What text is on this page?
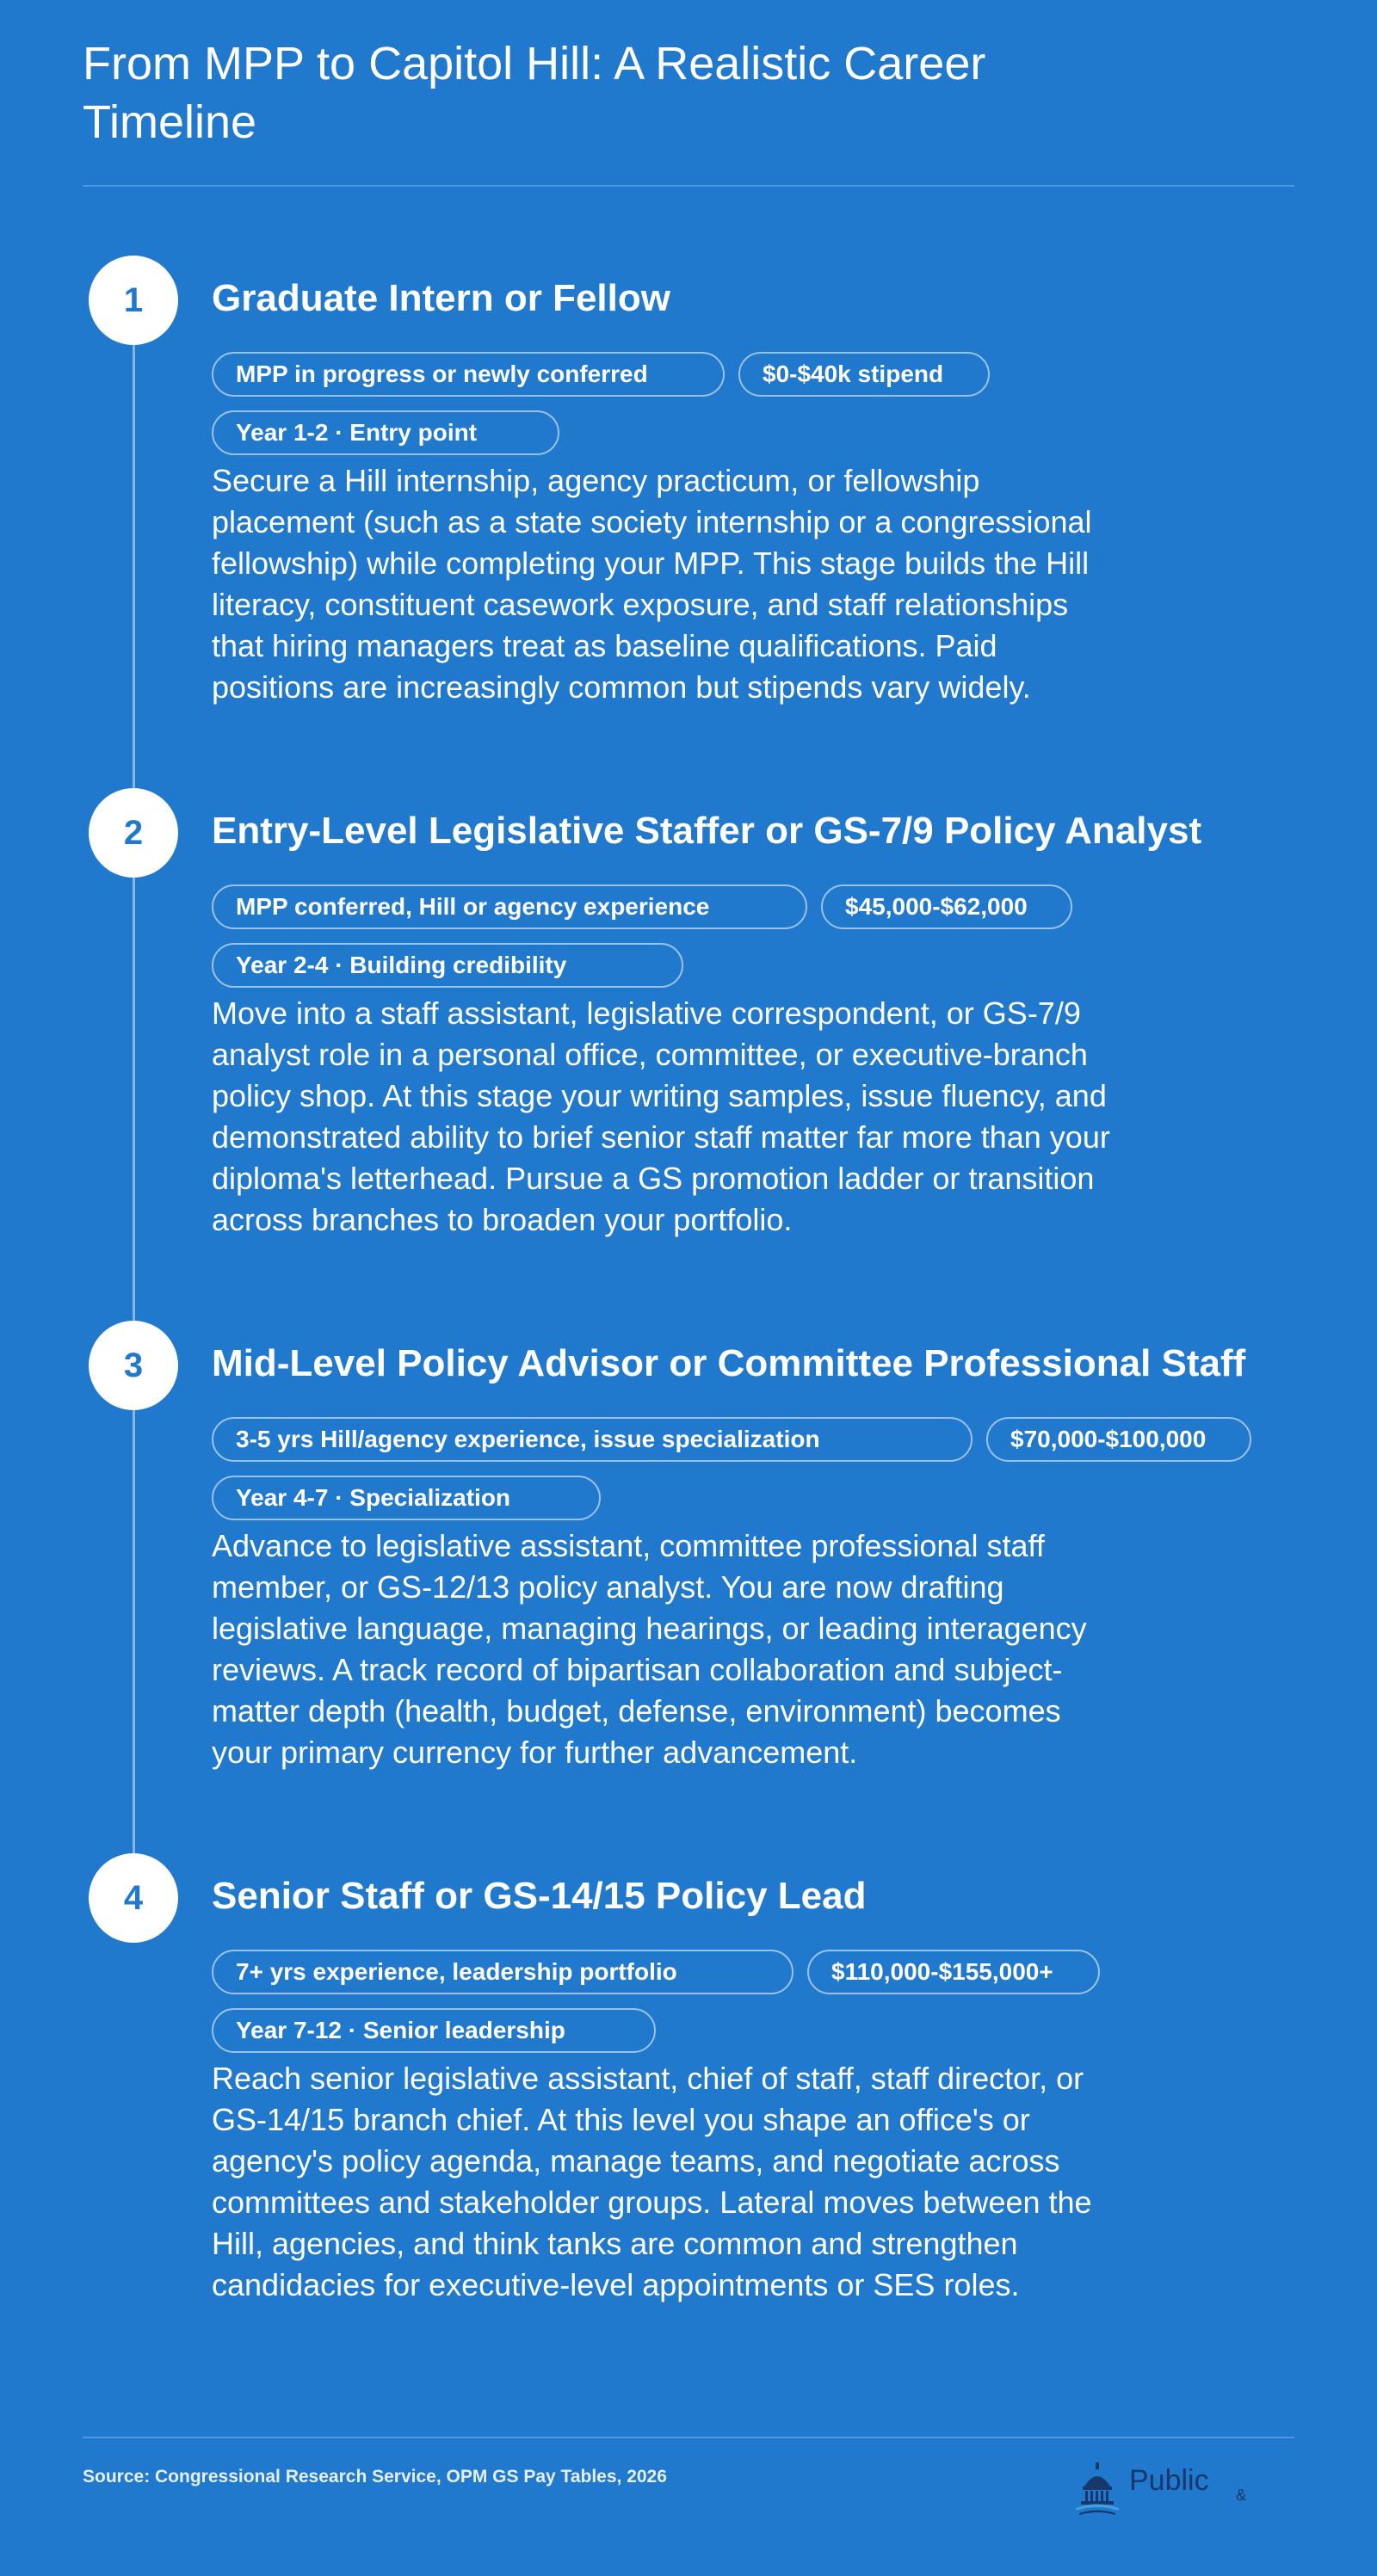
From MPP to Capitol Hill: A Realistic Career Timeline
1	Graduate Intern or Fellow
MPP in progress or newly conferred	$0-$40k stipend
Year 1-2 · Entry point

Secure a Hill internship, agency practicum, or fellowship placement (such as a state society internship or a congressional fellowship) while completing your MPP. This stage builds the Hill literacy, constituent casework exposure, and staff relationships that hiring managers treat as baseline qualifications. Paid positions are increasingly common but stipends vary widely.

2	Entry-Level Legislative Staffer or GS-7/9 Policy Analyst
MPP conferred, Hill or agency experience	$45,000-$62,000
Year 2-4 · Building credibility

Move into a staff assistant, legislative correspondent, or GS-7/9 analyst role in a personal office, committee, or executive-branch policy shop. At this stage your writing samples, issue fluency, and demonstrated ability to brief senior staff matter far more than your diploma's letterhead. Pursue a GS promotion ladder or transition across branches to broaden your portfolio.

3	Mid-Level Policy Advisor or Committee Professional Staff
3-5 yrs Hill/agency experience, issue specialization	$70,000-$100,000
Year 4-7 · Specialization

Advance to legislative assistant, committee professional staff member, or GS-12/13 policy analyst. You are now drafting legislative language, managing hearings, or leading interagency reviews. A track record of bipartisan collaboration and subject-matter depth (health, budget, defense, environment) becomes your primary currency for further advancement.

4	Senior Staff or GS-14/15 Policy Lead
7+ yrs experience, leadership portfolio	$110,000-$155,000+
Year 7-12 · Senior leadership

Reach senior legislative assistant, chief of staff, staff director, or GS-14/15 branch chief. At this level you shape an office's or agency's policy agenda, manage teams, and negotiate across committees and stakeholder groups. Lateral moves between the Hill, agencies, and think tanks are common and strengthen candidacies for executive-level appointments or SES roles.

Source: Congressional Research Service, OPM GS Pay Tables, 2026	Public &
